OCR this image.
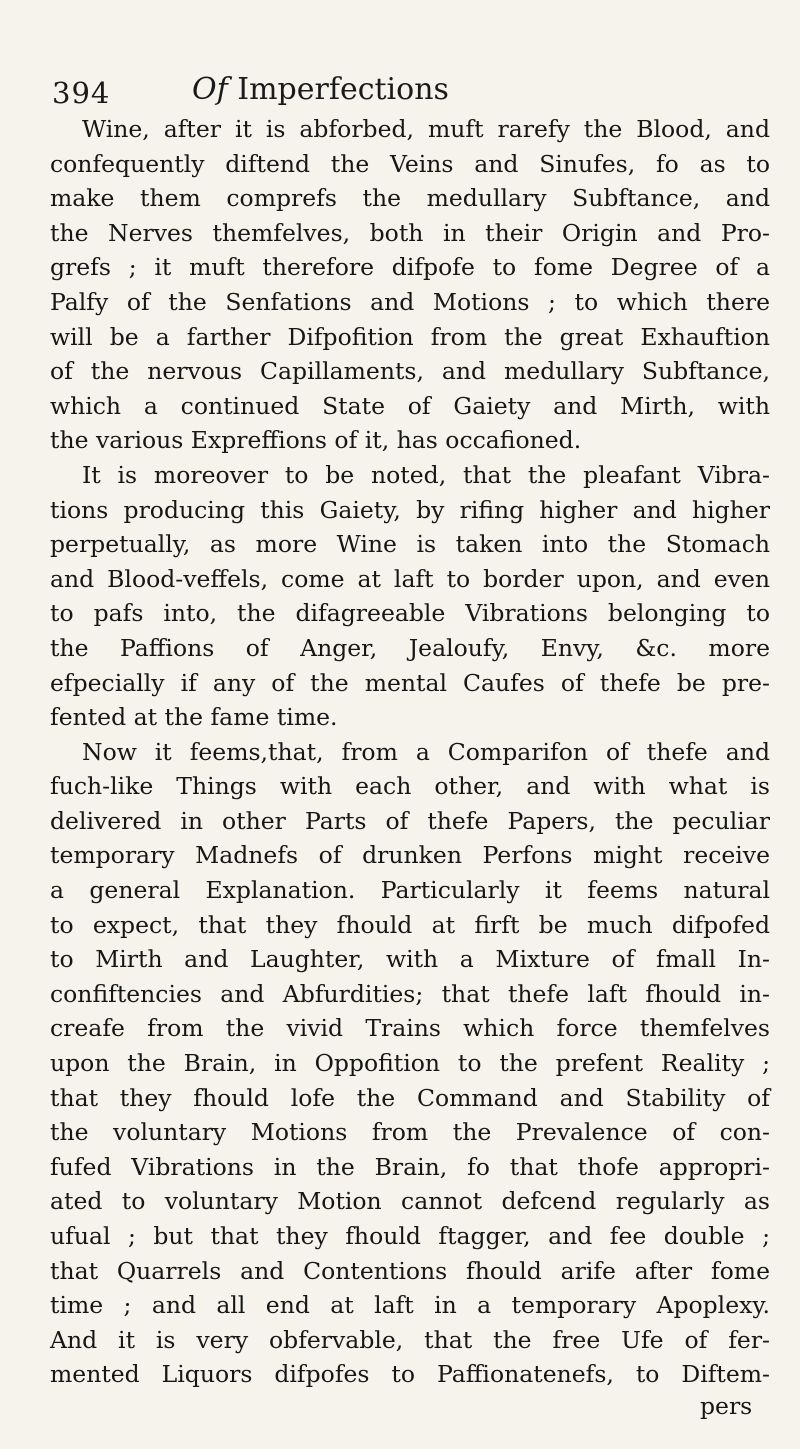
394	Of Imperfections
Wine, after it is abforbed, muft rarefy the Blood, and
confequently diftend the Veins and Sinufes, fo as to
make them comprefs the medullary Subftance, and
the Nerves themfelves, both in their Origin and Pro-
grefs ; it muft therefore difpofe to fome Degree of a
Palfy of the Senfations and Motions ; to which there
will be a farther Difpofition from the great Exhauftion
of the nervous Capillaments, and medullary Subftance,
which a continued State of Gaiety and Mirth, with
the various Expreffions of it, has occafioned.
It is moreover to be noted, that the pleafant Vibra-
tions producing this Gaiety, by rifing higher and higher
perpetually, as more Wine is taken into the Stomach
and Blood-veffels, come at laft to border upon, and even
to pafs into, the difagreeable Vibrations belonging to
the Paffions of Anger, Jealoufy, Envy, &c. more
efpecially if any of the mental Caufes of thefe be pre-
fented at the fame time.
Now it feems,that, from a Comparifon of thefe and
fuch-like Things with each other, and with what is
delivered in other Parts of thefe Papers, the peculiar
temporary Madnefs of drunken Perfons might receive
a general Explanation. Particularly it feems natural
to expect, that they fhould at firft be much difpofed
to Mirth and Laughter, with a Mixture of fmall In-
confiftencies and Abfurdities; that thefe laft fhould in-
creafe from the vivid Trains which force themfelves
upon the Brain, in Oppofition to the prefent Reality ;
that they fhould lofe the Command and Stability of
the voluntary Motions from the Prevalence of con-
fufed Vibrations in the Brain, fo that thofe appropri-
ated to voluntary Motion cannot defcend regularly as
ufual ; but that they fhould ftagger, and fee double ;
that Quarrels and Contentions fhould arife after fome
time ; and all end at laft in a temporary Apoplexy.
And it is very obfervable, that the free Ufe of fer-
mented Liquors difpofes to Paffionatenefs, to Diftem-
pers
